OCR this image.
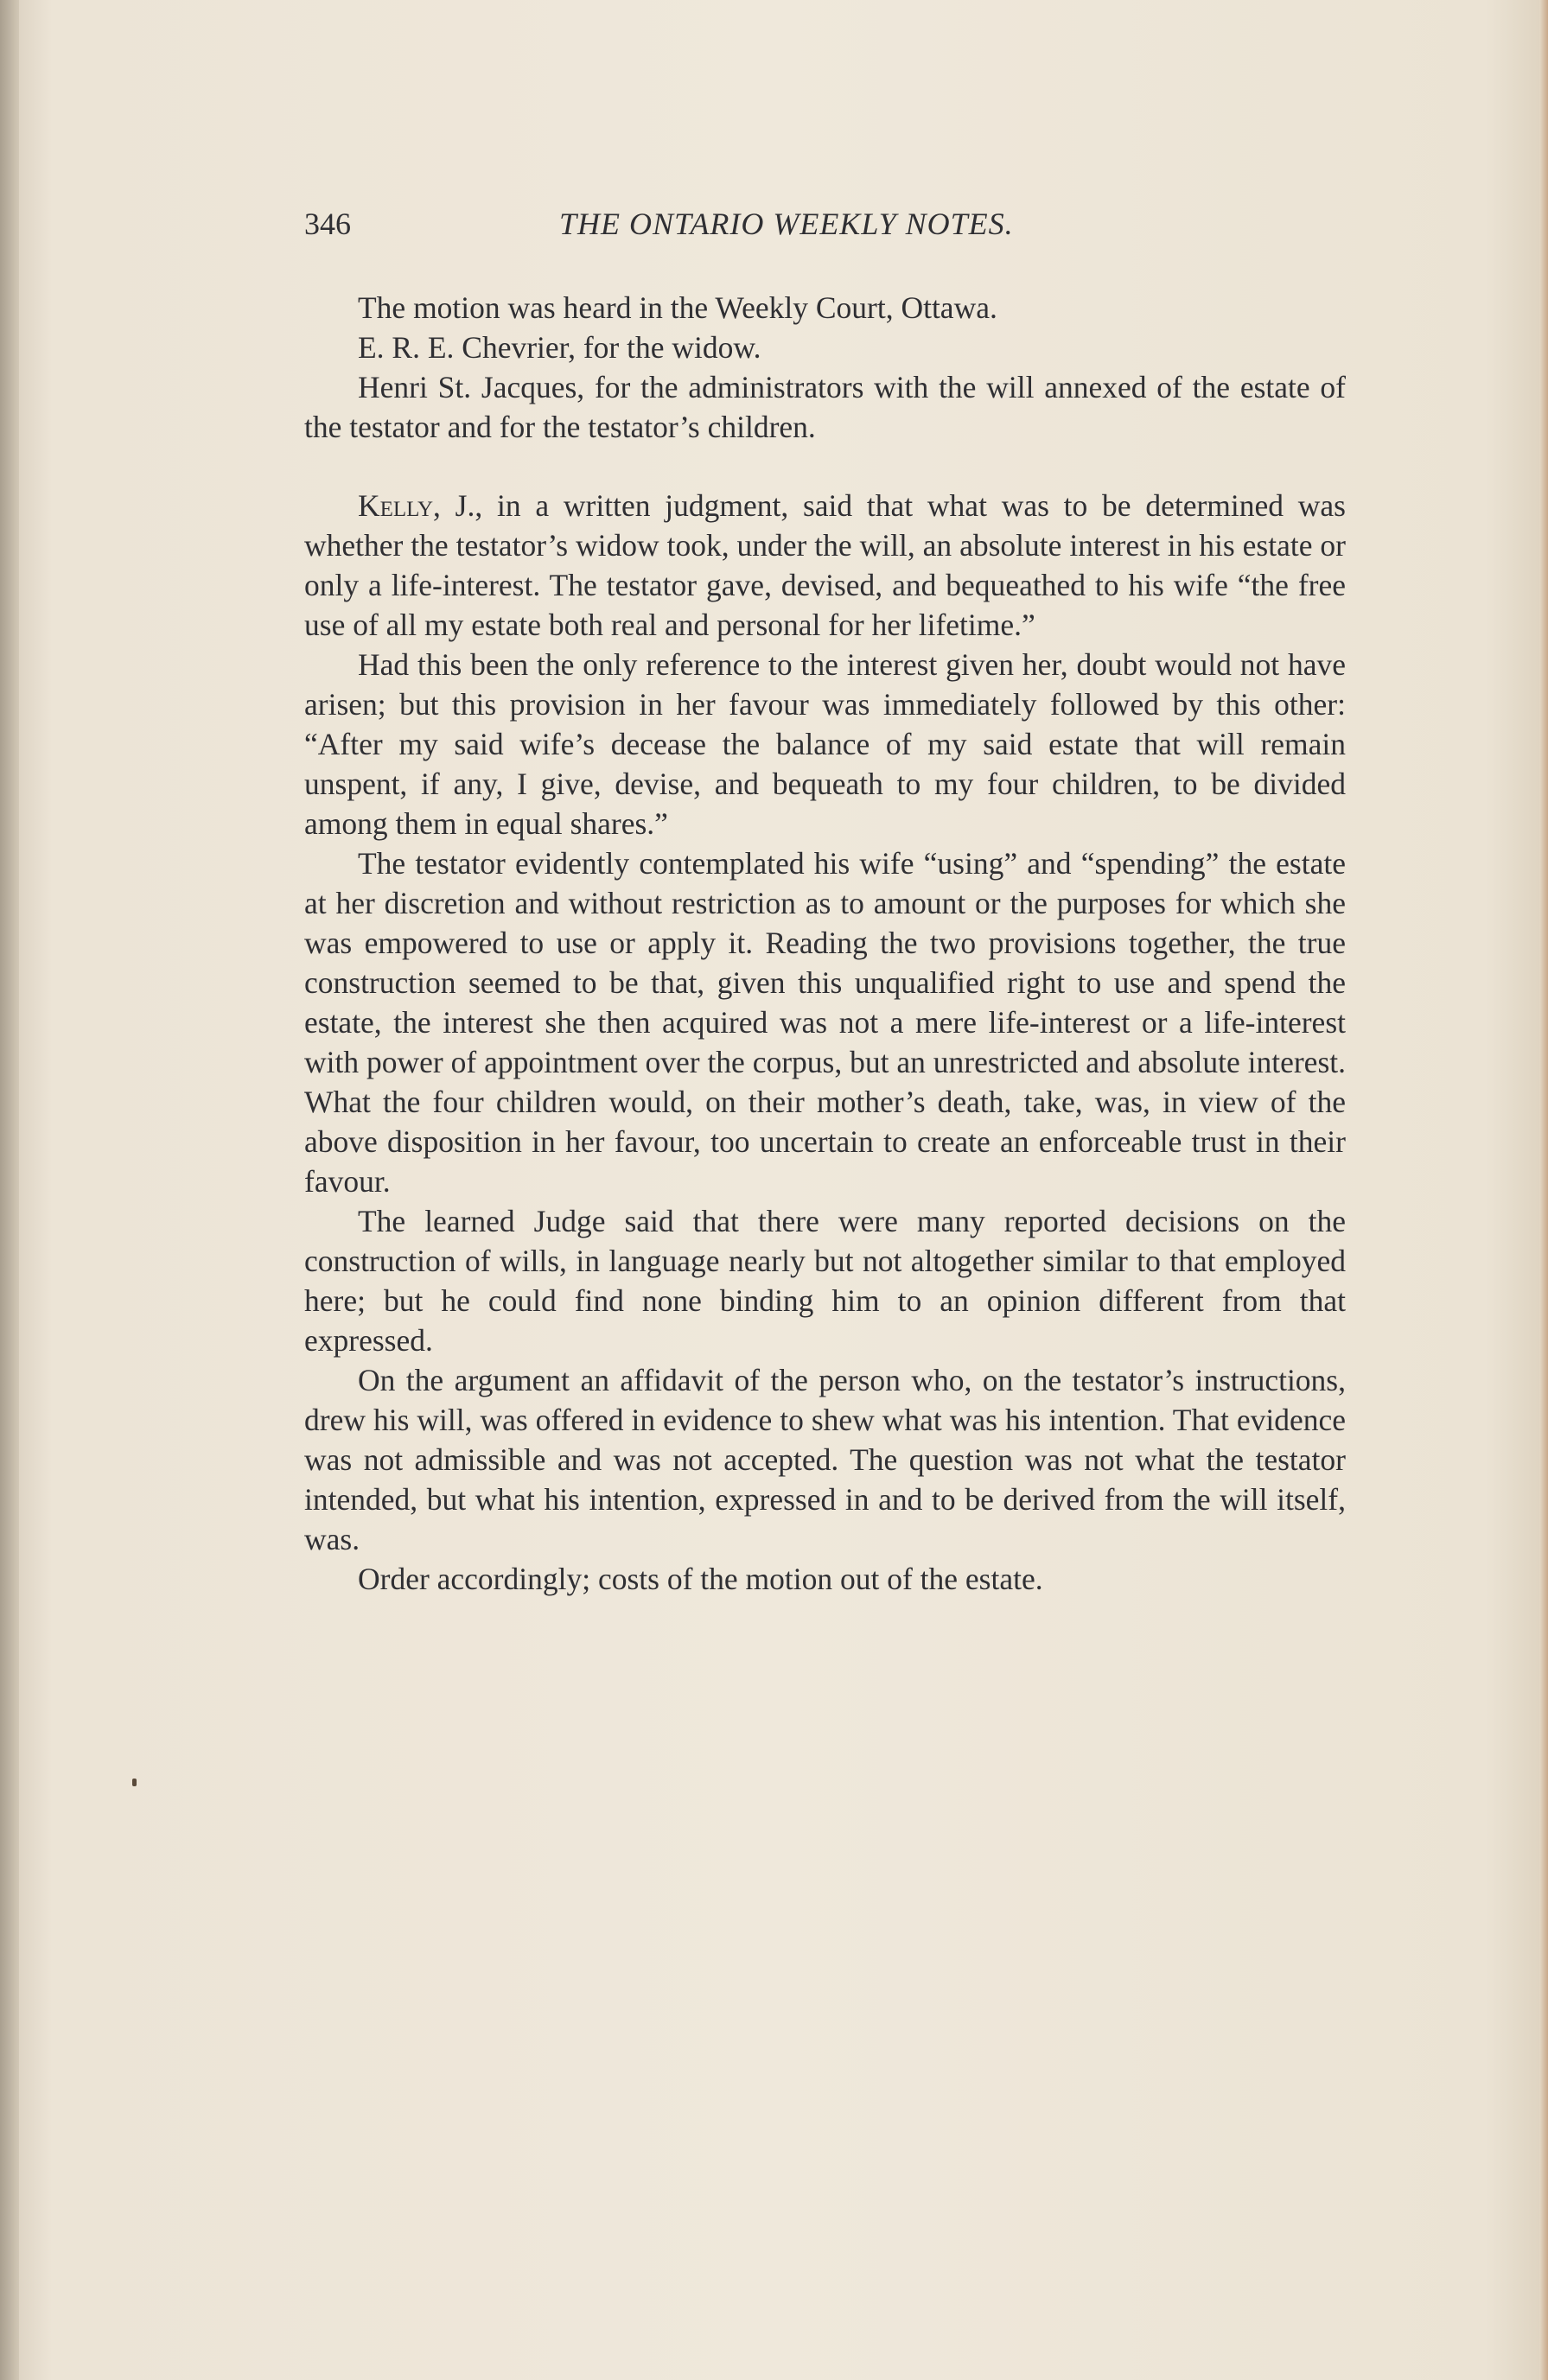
346	THE ONTARIO WEEKLY NOTES.

The motion was heard in the Weekly Court, Ottawa.

E. R. E. Chevrier, for the widow.

Henri St. Jacques, for the administrators with the will annexed of the estate of the testator and for the testator’s children.

Kelly, J., in a written judgment, said that what was to be determined was whether the testator’s widow took, under the will, an absolute interest in his estate or only a life-interest. The testator gave, devised, and bequeathed to his wife “the free use of all my estate both real and personal for her lifetime.”

Had this been the only reference to the interest given her, doubt would not have arisen; but this provision in her favour was immediately followed by this other: “After my said wife’s decease the balance of my said estate that will remain unspent, if any, I give, devise, and bequeath to my four children, to be divided among them in equal shares.”

The testator evidently contemplated his wife “using” and “spending” the estate at her discretion and without restriction as to amount or the purposes for which she was empowered to use or apply it. Reading the two provisions together, the true construction seemed to be that, given this unqualified right to use and spend the estate, the interest she then acquired was not a mere life-interest or a life-interest with power of appointment over the corpus, but an unrestricted and absolute interest. What the four children would, on their mother’s death, take, was, in view of the above disposition in her favour, too uncertain to create an enforceable trust in their favour.

The learned Judge said that there were many reported decisions on the construction of wills, in language nearly but not altogether similar to that employed here; but he could find none binding him to an opinion different from that expressed.

On the argument an affidavit of the person who, on the testator’s instructions, drew his will, was offered in evidence to shew what was his intention. That evidence was not admissible and was not accepted. The question was not what the testator intended, but what his intention, expressed in and to be derived from the will itself, was.

Order accordingly; costs of the motion out of the estate.
